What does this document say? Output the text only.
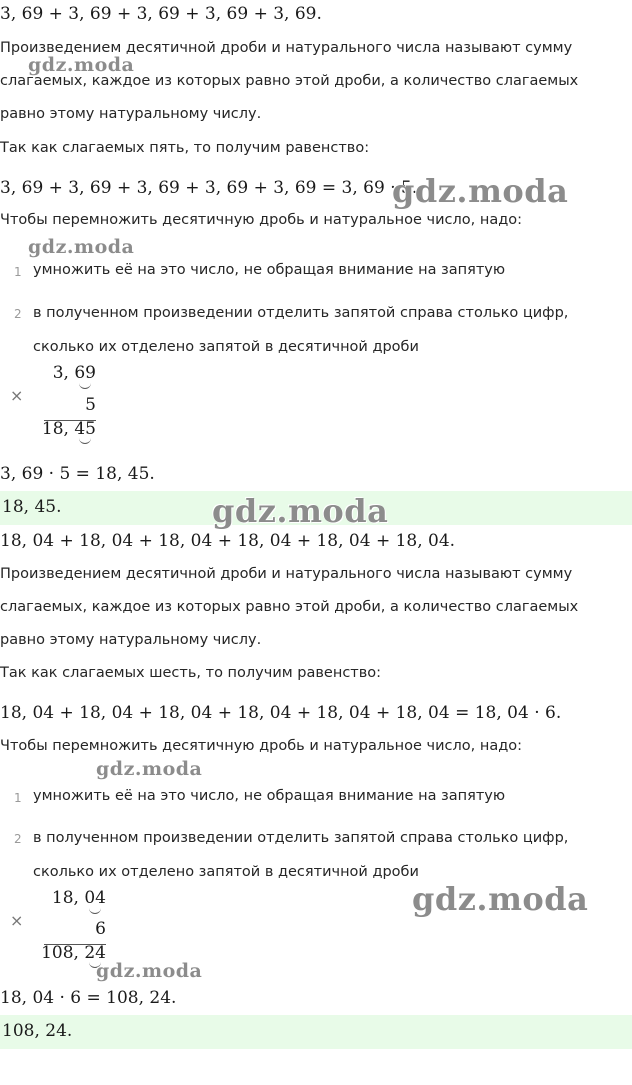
3, 69 + 3, 69 + 3, 69 + 3, 69 + 3, 69.
Произведением десятичной дроби и натурального числа называют сумму
gdz.moda
слагаемых, каждое из которых равно этой дроби, а количество слагаемых
равно этому натуральному числу.
Так как слагаемых пять, то получим равенство:
3, 69 + 3, 69 + 3, 69 + 3, 69 + 3, 69 = 3, 69 · 5.
gdz.moda
Чтобы перемножить десятичную дробь и натуральное число, надо:
gdz.moda
1 умножить её на это число, не обращая внимание на запятую
2 в полученном произведении отделить запятой справа столько цифр,
сколько их отделено запятой в десятичной дроби
×
3, 69
5
18, 45
3, 69 · 5 = 18, 45.
18, 45.	gdz.moda
18, 04 + 18, 04 + 18, 04 + 18, 04 + 18, 04 + 18, 04.
Произведением десятичной дроби и натурального числа называют сумму
слагаемых, каждое из которых равно этой дроби, а количество слагаемых
равно этому натуральному числу.
Так как слагаемых шесть, то получим равенство:
18, 04 + 18, 04 + 18, 04 + 18, 04 + 18, 04 + 18, 04 = 18, 04 · 6.
Чтобы перемножить десятичную дробь и натуральное число, надо:
gdz.moda
1 умножить её на это число, не обращая внимание на запятую
2 в полученном произведении отделить запятой справа столько цифр,
сколько их отделено запятой в десятичной дроби
×
18, 04
6
108, 24
gdz.moda
gdz.moda
18, 04 · 6 = 108, 24.
108, 24.
